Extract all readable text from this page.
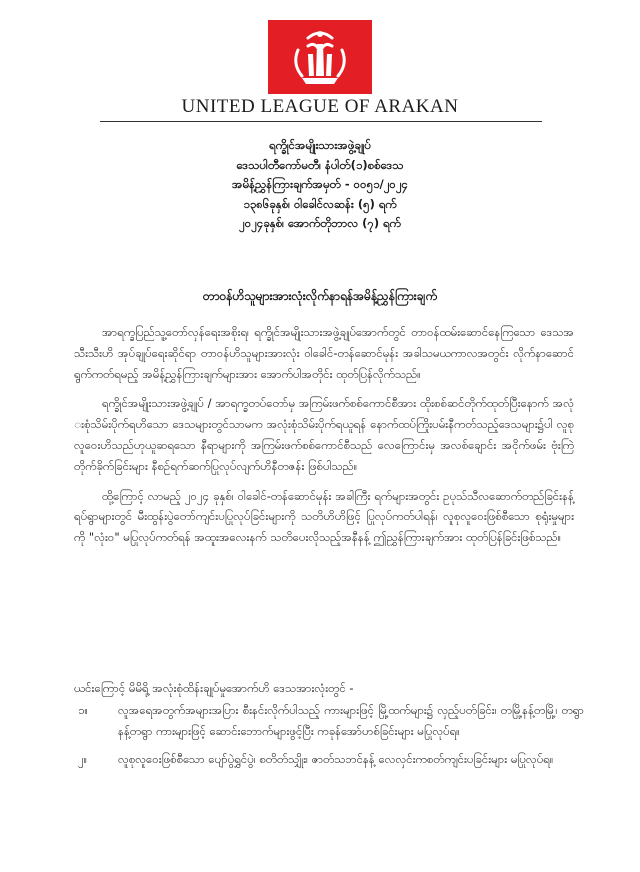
UNITED LEAGUE OF ARAKAN
ရက္ခိုင်အမျိုးသားအဖွဲ့ချုပ်
ဒေသပါတီကော်မတီ၊ နံပါတ်(၁)စစ်ဒေသ
အမိန့်ညွှန်ကြားချက်အမှတ် - ၀၀၅၁/၂၀၂၄
၁၃၈၆ခုနှစ်၊ ဝါခေါင်လဆန်း (၅) ရက်
၂၀၂၄ခုနှစ်၊ အောက်တိုဘာလ (၇) ရက်
တာဝန်ဟိသူများအားလုံးလိုက်နာရန်အမိန့်ညွှန်ကြားချက်

အာရက္ခပြည်သူ့တော်လှန်ရေးအစိုးရ၊ ရက္ခိုင်အမျိုးသားအဖွဲ့ချုပ်အောက်တွင် တာဝန်ထမ်းဆောင်နေကြသော ဒေသအသီးသီးဟိ အုပ်ချုပ်ရေးဆိုင်ရာ တာဝန်ဟိသူများအားလုံး ဝါခေါင်-တန်ဆောင်မုန်း အခါသမယကာလအတွင်း လိုက်နာဆောင်ရွက်ကတ်ရမည့် အမိန့်ညွှန်ကြားချက်များအား အောက်ပါအတိုင်း ထုတ်ပြန်လိုက်သည်။

ရက္ခိုင်အမျိုးသားအဖွဲ့ချုပ် / အာရက္ခတပ်တော်မှ အကြမ်းဖက်စစ်ကောင်စီအား ထိုးစစ်ဆင်တိုက်ထုတ်ပြီးနောက် အလုံးစုံသိမ်းပိုက်ရဟိသော ဒေသများတွင်သာမက အလုံးစုံသိမ်းပိုက်ရယူရန် နောက်ထပ်ကြိုးပမ်းနီကတ်သည့်ဒေသများ၌ပါ လူစုလူဝေးဟိသည်ဟုယူဆရသော နီရာများကို အကြမ်းဖက်စစ်ကောင်စီသည် လေကြောင်းမှ အလစ်ချောင်း အငိုက်ဖမ်း ဗုံးကြဲတိုက်ခိုက်ခြင်းများ နီစဉ်ရက်ဆက်ပြုလုပ်လျက်ဟိနီတဇန်း ဖြစ်ပါသည်။

ထို့ကြောင့် လာမည့် ၂၀၂၄ ခုနှစ်၊ ဝါခေါင်-တန်ဆောင်မုန်း အခါကြီး ရက်များအတွင်း ဥပုသ်သီလဆောက်တည်ခြင်းနန့် ရပ်ရွာများတွင် မီးထွန်းပွဲတော်ကျင်းပပြုလုပ်ခြင်းများကို သတိဟိဟိဖြင့် ပြုလုပ်ကတ်ပါရန်၊ လူစုလူဝေးဖြစ်စီသော စုရုံးမှုများကို "လုံးဝ" မပြုလုပ်ကတ်ရန် အထူးအလေးနက် သတိပေးလိုသည့်အနီနန့် ဤညွှန်ကြားချက်အား ထုတ်ပြန်ခြင်းဖြစ်သည်။

ယင်းကြောင့် မိမိရို့ အလုံးစုံထိန်းချုပ်မှုအောက်ဟိ ဒေသအားလုံးတွင် -
၁။	လူအရေအတွက်အများအပြား စီးနင်းလိုက်ပါသည့် ကားများဖြင့် မြို့ထက်များ၌ လှည့်ပတ်ခြင်း၊ တမြို့နန့်တမြို့၊ တရွာနန့်တရွာ ကားများဖြင့် ဆောင်းဘောက်များဖွင့်ပြီး ကခုန်အော်ဟစ်ခြင်းများ မပြုလုပ်ရ။
၂။	လူစုလူဝေးဖြစ်စီသော ပျော်ပွဲရွှင်ပွဲ၊ စတိတ်သျှိုး၊ ဇာတ်သဘင်နန့် လေလှင်းကစတ်ကျင်းပခြင်းများ မပြုလုပ်ရ။
